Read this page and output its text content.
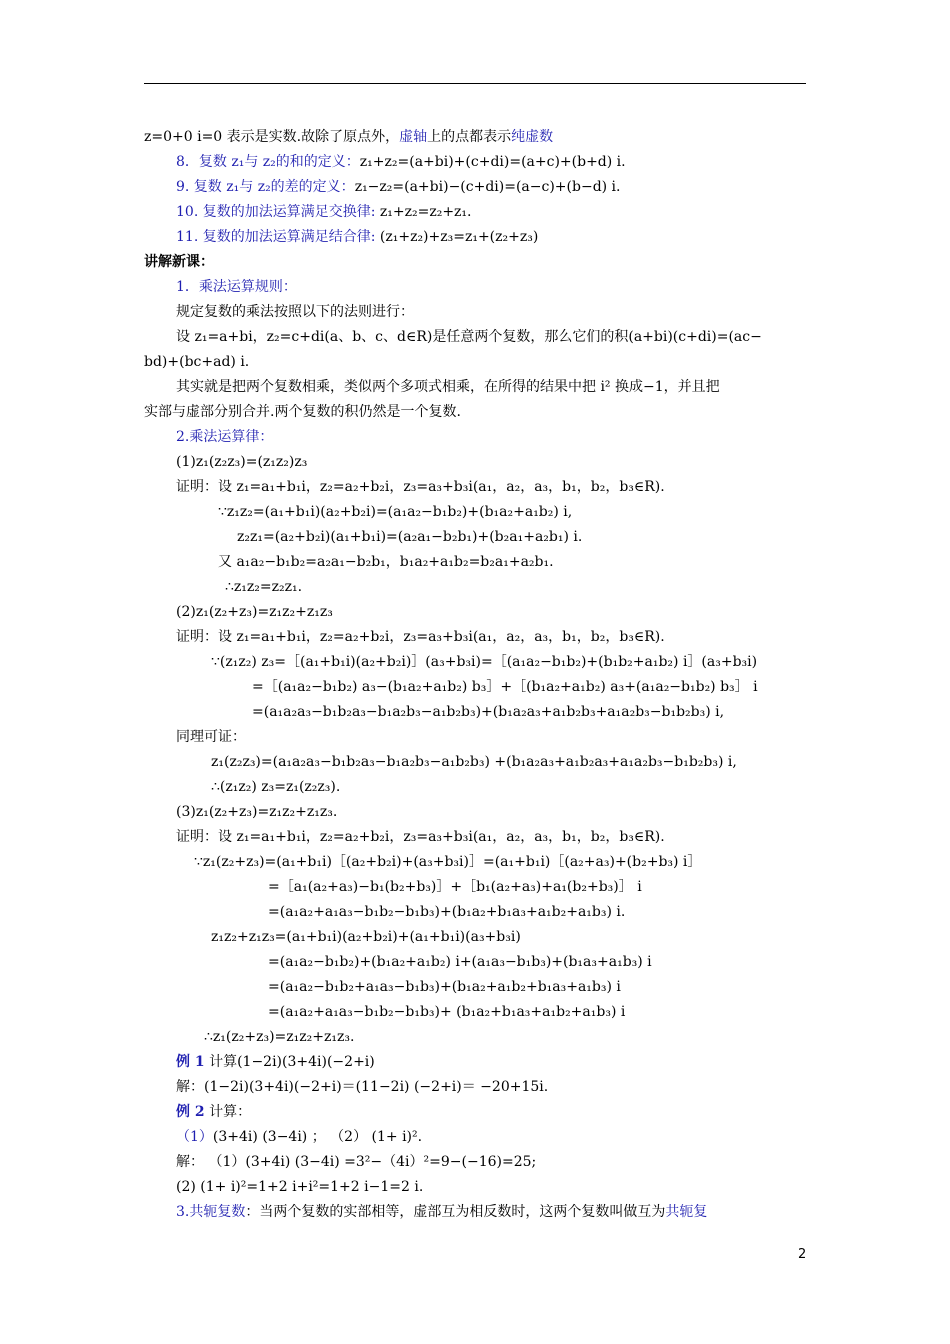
z=0+0 i=0 表示是实数.故除了原点外，虚轴上的点都表示纯虚数
8．复数 z₁与 z₂的和的定义：z₁+z₂=(a+bi)+(c+di)=(a+c)+(b+d) i.
9. 复数 z₁与 z₂的差的定义：z₁−z₂=(a+bi)−(c+di)=(a−c)+(b−d) i.
10. 复数的加法运算满足交换律: z₁+z₂=z₂+z₁.
11. 复数的加法运算满足结合律: (z₁+z₂)+z₃=z₁+(z₂+z₃)
讲解新课：
1．乘法运算规则：
规定复数的乘法按照以下的法则进行：
设 z₁=a+bi，z₂=c+di(a、b、c、d∈R)是任意两个复数，那么它们的积(a+bi)(c+di)=(ac−
bd)+(bc+ad) i.
其实就是把两个复数相乘，类似两个多项式相乘，在所得的结果中把 i² 换成−1，并且把
实部与虚部分别合并.两个复数的积仍然是一个复数.
2.乘法运算律：
(1)z₁(z₂z₃)=(z₁z₂)z₃
证明：设 z₁=a₁+b₁i，z₂=a₂+b₂i，z₃=a₃+b₃i(a₁，a₂，a₃，b₁，b₂，b₃∈R).
∵z₁z₂=(a₁+b₁i)(a₂+b₂i)=(a₁a₂−b₁b₂)+(b₁a₂+a₁b₂) i,
z₂z₁=(a₂+b₂i)(a₁+b₁i)=(a₂a₁−b₂b₁)+(b₂a₁+a₂b₁) i.
又 a₁a₂−b₁b₂=a₂a₁−b₂b₁，b₁a₂+a₁b₂=b₂a₁+a₂b₁.
∴z₁z₂=z₂z₁.
(2)z₁(z₂+z₃)=z₁z₂+z₁z₃
证明：设 z₁=a₁+b₁i，z₂=a₂+b₂i，z₃=a₃+b₃i(a₁，a₂，a₃，b₁，b₂，b₃∈R).
∵(z₁z₂) z₃=［(a₁+b₁i)(a₂+b₂i)］(a₃+b₃i)=［(a₁a₂−b₁b₂)+(b₁b₂+a₁b₂) i］(a₃+b₃i)
=［(a₁a₂−b₁b₂) a₃−(b₁a₂+a₁b₂) b₃］+［(b₁a₂+a₁b₂) a₃+(a₁a₂−b₁b₂) b₃］ i
=(a₁a₂a₃−b₁b₂a₃−b₁a₂b₃−a₁b₂b₃)+(b₁a₂a₃+a₁b₂b₃+a₁a₂b₃−b₁b₂b₃) i,
同理可证：
z₁(z₂z₃)=(a₁a₂a₃−b₁b₂a₃−b₁a₂b₃−a₁b₂b₃) +(b₁a₂a₃+a₁b₂a₃+a₁a₂b₃−b₁b₂b₃) i,
∴(z₁z₂) z₃=z₁(z₂z₃).
(3)z₁(z₂+z₃)=z₁z₂+z₁z₃.
证明：设 z₁=a₁+b₁i，z₂=a₂+b₂i，z₃=a₃+b₃i(a₁，a₂，a₃，b₁，b₂，b₃∈R).
∵z₁(z₂+z₃)=(a₁+b₁i)［(a₂+b₂i)+(a₃+b₃i)］=(a₁+b₁i)［(a₂+a₃)+(b₂+b₃) i］
=［a₁(a₂+a₃)−b₁(b₂+b₃)］+［b₁(a₂+a₃)+a₁(b₂+b₃)］ i
=(a₁a₂+a₁a₃−b₁b₂−b₁b₃)+(b₁a₂+b₁a₃+a₁b₂+a₁b₃) i.
z₁z₂+z₁z₃=(a₁+b₁i)(a₂+b₂i)+(a₁+b₁i)(a₃+b₃i)
=(a₁a₂−b₁b₂)+(b₁a₂+a₁b₂) i+(a₁a₃−b₁b₃)+(b₁a₃+a₁b₃) i
=(a₁a₂−b₁b₂+a₁a₃−b₁b₃)+(b₁a₂+a₁b₂+b₁a₃+a₁b₃) i
=(a₁a₂+a₁a₃−b₁b₂−b₁b₃)+ (b₁a₂+b₁a₃+a₁b₂+a₁b₃) i
∴z₁(z₂+z₃)=z₁z₂+z₁z₃.
例 1 计算(1−2i)(3+4i)(−2+i)
解：(1−2i)(3+4i)(−2+i)＝(11−2i) (−2+i)＝ −20+15i.
例 2 计算：
（1）(3+4i) (3−4i) ； （2） (1+ i)².
解： （1）(3+4i) (3−4i) =3²−（4i）²=9−(−16)=25;
(2) (1+ i)²=1+2 i+i²=1+2 i−1=2 i.
3.共轭复数：当两个复数的实部相等，虚部互为相反数时，这两个复数叫做互为共轭复
2
